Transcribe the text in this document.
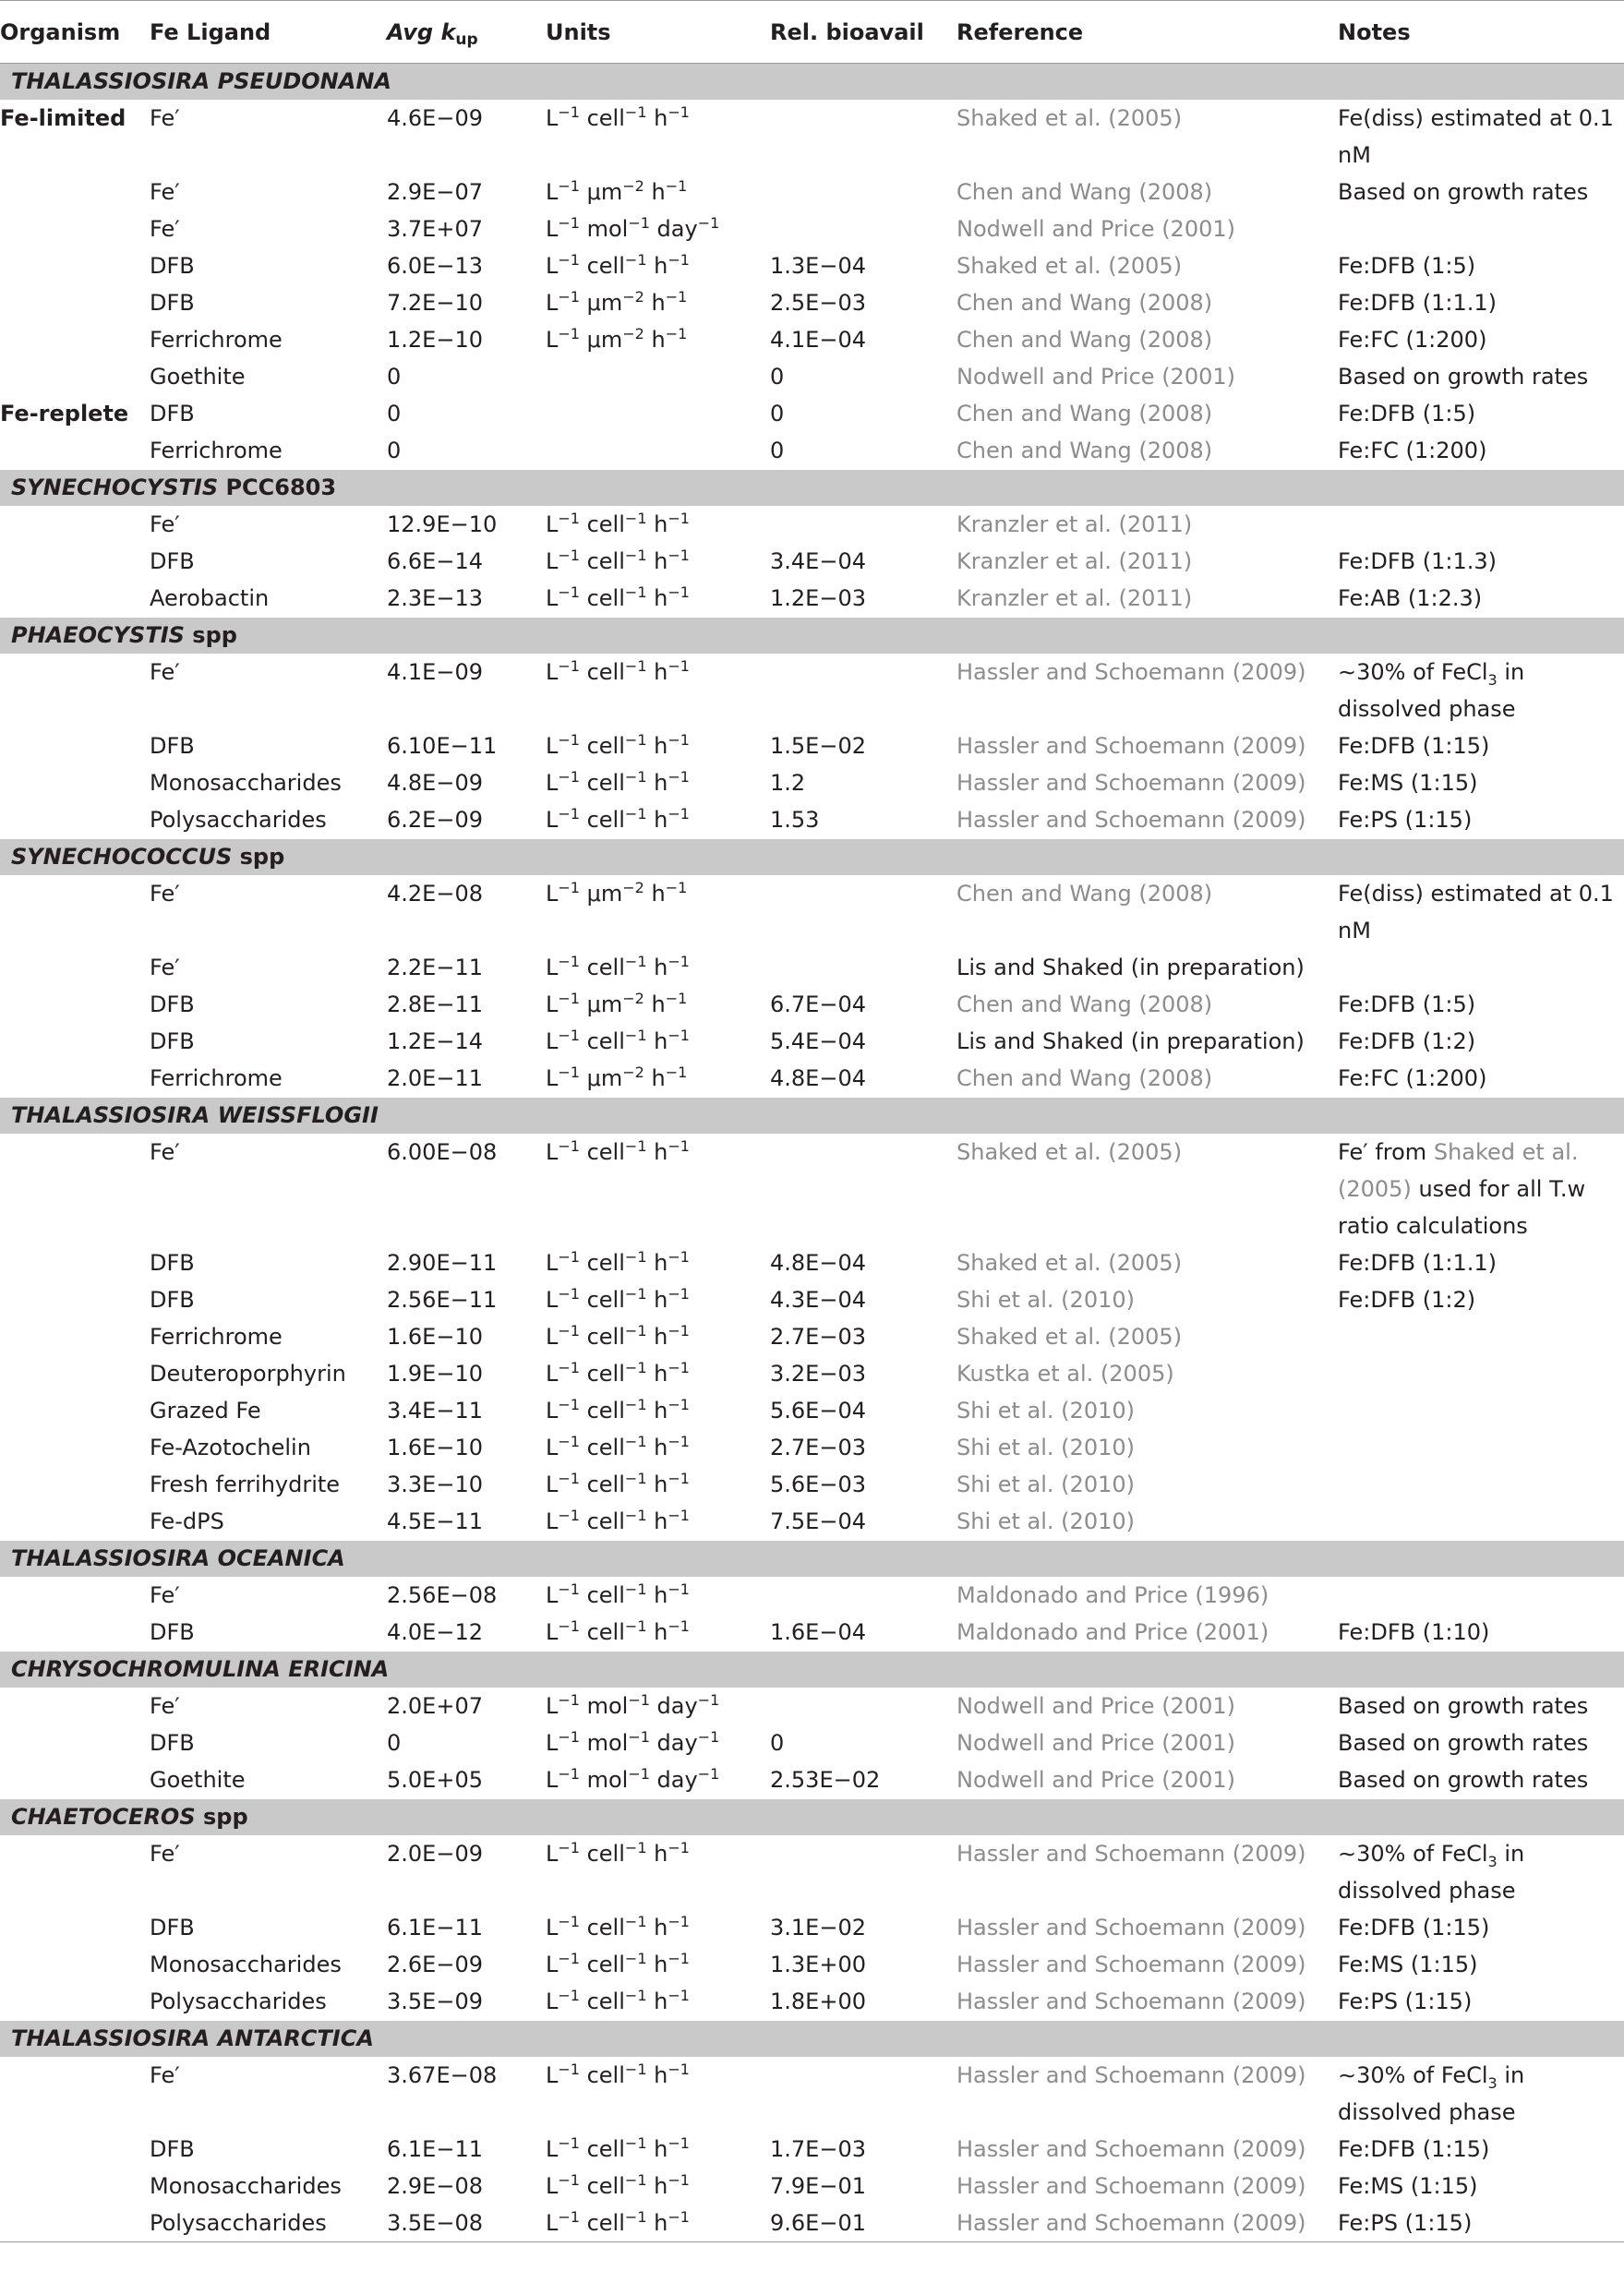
Organism	Fe Ligand	Avg $k_{up}$	Units	Rel. bioavail	Reference	Notes
THALASSIOSIRA PSEUDONANA						
Fe-limited	Fe′	4.6E−09	$L^{-1}$ cell$^{-1}$ $h^{-1}$		Shaked et al. (2005)	Fe(diss) estimated at 0.1 nM
	Fe′	2.9E−07	$L^{-1}$ $\mu m^{-2}$ $h^{-1}$		Chen and Wang (2008)	Based on growth rates
	Fe′	3.7E+07	$L^{-1}$ mol$^{-1}$ day$^{-1}$		Nodwell and Price (2001)	
	DFB	6.0E−13	$L^{-1}$ cell$^{-1}$ $h^{-1}$	1.3E−04	Shaked et al. (2005)	Fe:DFB (1:5)
	DFB	7.2E−10	$L^{-1}$ $\mu m^{-2}$ $h^{-1}$	2.5E−03	Chen and Wang (2008)	Fe:DFB (1:1.1)
	Ferrichrome	1.2E−10	$L^{-1}$ $\mu m^{-2}$ $h^{-1}$	4.1E−04	Chen and Wang (2008)	Fe:FC (1:200)
	Goethite	0		0	Nodwell and Price (2001)	Based on growth rates
Fe-replete	DFB	0		0	Chen and Wang (2008)	Fe:DFB (1:5)
	Ferrichrome	0		0	Chen and Wang (2008)	Fe:FC (1:200)
SYNECHOCYSTIS PCC6803						
	Fe′	12.9E−10	$L^{-1}$ cell$^{-1}$ $h^{-1}$		Kranzler et al. (2011)	
	DFB	6.6E−14	$L^{-1}$ cell$^{-1}$ $h^{-1}$	3.4E−04	Kranzler et al. (2011)	Fe:DFB (1:1.3)
	Aerobactin	2.3E−13	$L^{-1}$ cell$^{-1}$ $h^{-1}$	1.2E−03	Kranzler et al. (2011)	Fe:AB (1:2.3)
PHAEOCYSTIS spp						
	Fe′	4.1E−09	$L^{-1}$ cell$^{-1}$ $h^{-1}$		Hassler and Schoemann (2009)	∼30% of FeCl$_3$ in dissolved phase
	DFB	6.10E−11	$L^{-1}$ cell$^{-1}$ $h^{-1}$	1.5E−02	Hassler and Schoemann (2009)	Fe:DFB (1:15)
	Monosaccharides	4.8E−09	$L^{-1}$ cell$^{-1}$ $h^{-1}$	1.2	Hassler and Schoemann (2009)	Fe:MS (1:15)
	Polysaccharides	6.2E−09	$L^{-1}$ cell$^{-1}$ $h^{-1}$	1.53	Hassler and Schoemann (2009)	Fe:PS (1:15)
SYNECHOCOCCUS spp						
	Fe′	4.2E−08	$L^{-1}$ $\mu m^{-2}$ $h^{-1}$		Chen and Wang (2008)	Fe(diss) estimated at 0.1 nM
	Fe′	2.2E−11	$L^{-1}$ cell$^{-1}$ $h^{-1}$		Lis and Shaked (in preparation)	
	DFB	2.8E−11	$L^{-1}$ $\mu m^{-2}$ $h^{-1}$	6.7E−04	Chen and Wang (2008)	Fe:DFB (1:5)
	DFB	1.2E−14	$L^{-1}$ cell$^{-1}$ $h^{-1}$	5.4E−04	Lis and Shaked (in preparation)	Fe:DFB (1:2)
	Ferrichrome	2.0E−11	$L^{-1}$ $\mu m^{-2}$ $h^{-1}$	4.8E−04	Chen and Wang (2008)	Fe:FC (1:200)
THALASSIOSIRA WEISSFLOGII						
	Fe′	6.00E−08	$L^{-1}$ cell$^{-1}$ $h^{-1}$		Shaked et al. (2005)	Fe′ from Shaked et al. (2005) used for all T.w ratio calculations
	DFB	2.90E−11	$L^{-1}$ cell$^{-1}$ $h^{-1}$	4.8E−04	Shaked et al. (2005)	Fe:DFB (1:1.1)
	DFB	2.56E−11	$L^{-1}$ cell$^{-1}$ $h^{-1}$	4.3E−04	Shi et al. (2010)	Fe:DFB (1:2)
	Ferrichrome	1.6E−10	$L^{-1}$ cell$^{-1}$ $h^{-1}$	2.7E−03	Shaked et al. (2005)	
	Deuteroporphyrin	1.9E−10	$L^{-1}$ cell$^{-1}$ $h^{-1}$	3.2E−03	Kustka et al. (2005)	
	Grazed Fe	3.4E−11	$L^{-1}$ cell$^{-1}$ $h^{-1}$	5.6E−04	Shi et al. (2010)	
	Fe-Azotochelin	1.6E−10	$L^{-1}$ cell$^{-1}$ $h^{-1}$	2.7E−03	Shi et al. (2010)	
	Fresh ferrihydrite	3.3E−10	$L^{-1}$ cell$^{-1}$ $h^{-1}$	5.6E−03	Shi et al. (2010)	
	Fe-dPS	4.5E−11	$L^{-1}$ cell$^{-1}$ $h^{-1}$	7.5E−04	Shi et al. (2010)	
THALASSIOSIRA OCEANICA						
	Fe′	2.56E−08	$L^{-1}$ cell$^{-1}$ $h^{-1}$		Maldonado and Price (1996)	
	DFB	4.0E−12	$L^{-1}$ cell$^{-1}$ $h^{-1}$	1.6E−04	Maldonado and Price (2001)	Fe:DFB (1:10)
CHRYSOCHROMULINA ERICINA						
	Fe′	2.0E+07	$L^{-1}$ mol$^{-1}$ day$^{-1}$		Nodwell and Price (2001)	Based on growth rates
	DFB	0	$L^{-1}$ mol$^{-1}$ day$^{-1}$	0	Nodwell and Price (2001)	Based on growth rates
	Goethite	5.0E+05	$L^{-1}$ mol$^{-1}$ day$^{-1}$	2.53E−02	Nodwell and Price (2001)	Based on growth rates
CHAETOCEROS spp						
	Fe′	2.0E−09	$L^{-1}$ cell$^{-1}$ $h^{-1}$		Hassler and Schoemann (2009)	∼30% of FeCl$_3$ in dissolved phase
	DFB	6.1E−11	$L^{-1}$ cell$^{-1}$ $h^{-1}$	3.1E−02	Hassler and Schoemann (2009)	Fe:DFB (1:15)
	Monosaccharides	2.6E−09	$L^{-1}$ cell$^{-1}$ $h^{-1}$	1.3E+00	Hassler and Schoemann (2009)	Fe:MS (1:15)
	Polysaccharides	3.5E−09	$L^{-1}$ cell$^{-1}$ $h^{-1}$	1.8E+00	Hassler and Schoemann (2009)	Fe:PS (1:15)
THALASSIOSIRA ANTARCTICA						
	Fe′	3.67E−08	$L^{-1}$ cell$^{-1}$ $h^{-1}$		Hassler and Schoemann (2009)	∼30% of FeCl$_3$ in dissolved phase
	DFB	6.1E−11	$L^{-1}$ cell$^{-1}$ $h^{-1}$	1.7E−03	Hassler and Schoemann (2009)	Fe:DFB (1:15)
	Monosaccharides	2.9E−08	$L^{-1}$ cell$^{-1}$ $h^{-1}$	7.9E−01	Hassler and Schoemann (2009)	Fe:MS (1:15)
	Polysaccharides	3.5E−08	$L^{-1}$ cell$^{-1}$ $h^{-1}$	9.6E−01	Hassler and Schoemann (2009)	Fe:PS (1:15)
